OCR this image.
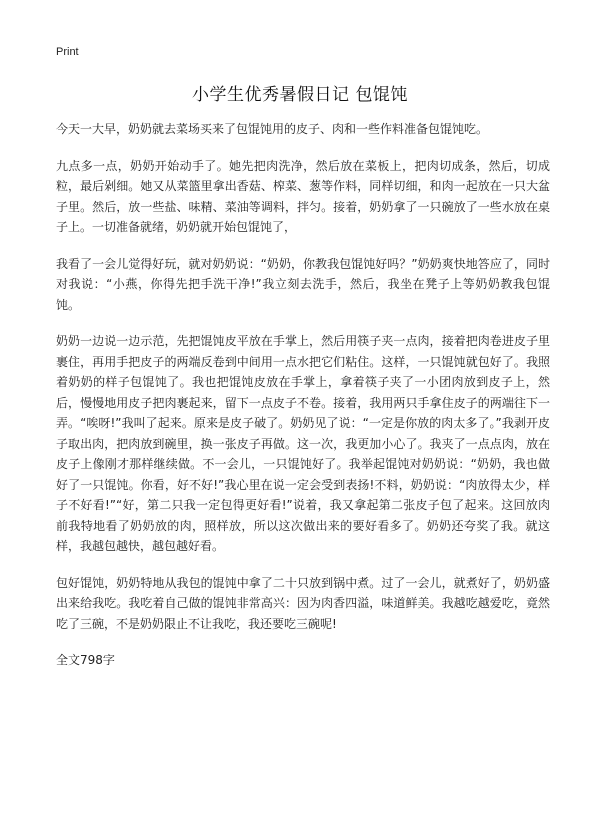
Print
小学生优秀暑假日记 包馄饨

今天一大早，奶奶就去菜场买来了包馄饨用的皮子、肉和一些作料准备包馄饨吃。

九点多一点，奶奶开始动手了。她先把肉洗净，然后放在菜板上，把肉切成条，然后，切成粒，最后剁细。她又从菜篮里拿出香菇、榨菜、葱等作料，同样切细，和肉一起放在一只大盆子里。然后，放一些盐、味精、菜油等调料，拌匀。接着，奶奶拿了一只碗放了一些水放在桌子上。一切准备就绪，奶奶就开始包馄饨了，

我看了一会儿觉得好玩，就对奶奶说：“奶奶，你教我包馄饨好吗？”奶奶爽快地答应了，同时对我说：“小燕，你得先把手洗干净!”我立刻去洗手，然后，我坐在凳子上等奶奶教我包馄饨。

奶奶一边说一边示范，先把馄饨皮平放在手掌上，然后用筷子夹一点肉，接着把肉卷进皮子里裹住，再用手把皮子的两端反卷到中间用一点水把它们粘住。这样，一只馄饨就包好了。我照着奶奶的样子包馄饨了。我也把馄饨皮放在手掌上，拿着筷子夹了一小团肉放到皮子上，然后，慢慢地用皮子把肉裹起来，留下一点皮子不卷。接着，我用两只手拿住皮子的两端往下一弄。“唉呀!”我叫了起来。原来是皮子破了。奶奶见了说：“一定是你放的肉太多了。”我剥开皮子取出肉，把肉放到碗里，换一张皮子再做。这一次，我更加小心了。我夹了一点点肉，放在皮子上像刚才那样继续做。不一会儿，一只馄饨好了。我举起馄饨对奶奶说：“奶奶，我也做好了一只馄饨。你看，好不好!”我心里在说一定会受到表扬!不料，奶奶说：“肉放得太少，样子不好看!”“好，第二只我一定包得更好看!”说着，我又拿起第二张皮子包了起来。这回放肉前我特地看了奶奶放的肉，照样放，所以这次做出来的要好看多了。奶奶还夸奖了我。就这样，我越包越快，越包越好看。

包好馄饨，奶奶特地从我包的馄饨中拿了二十只放到锅中煮。过了一会儿，就煮好了，奶奶盛出来给我吃。我吃着自己做的馄饨非常高兴：因为肉香四溢，味道鲜美。我越吃越爱吃，竟然吃了三碗，不是奶奶限止不让我吃，我还要吃三碗呢!

全文798字
